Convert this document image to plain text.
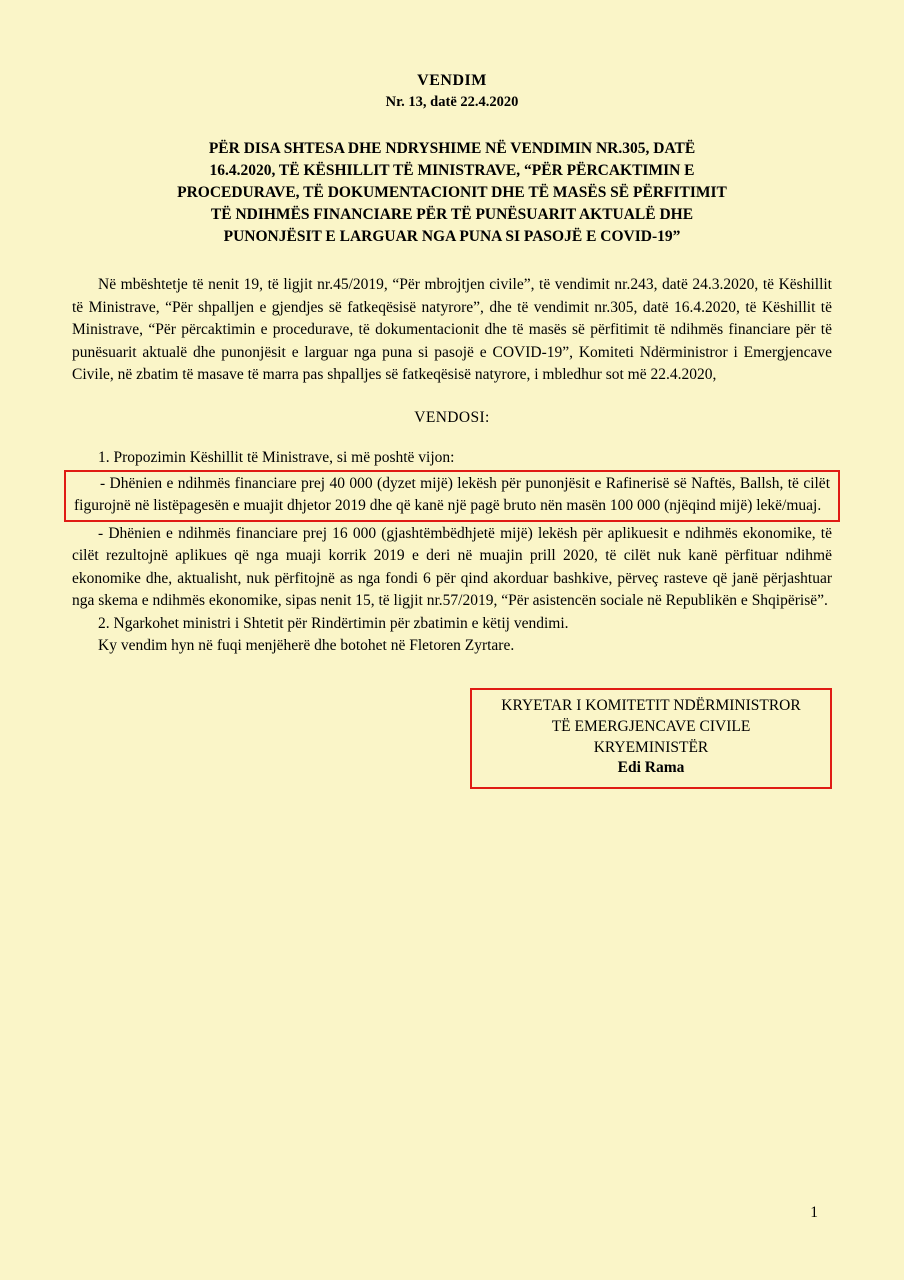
VENDIM
Nr. 13, datë 22.4.2020
PËR DISA SHTESA DHE NDRYSHIME NË VENDIMIN NR.305, DATË
16.4.2020, TË KËSHILLIT TË MINISTRAVE, “PËR PËRCAKTIMIN E
PROCEDURAVE, TË DOKUMENTACIONIT DHE TË MASËS SË PËRFITIMIT
TË NDIHMËS FINANCIARE PËR TË PUNËSUARIT AKTUALË DHE
PUNONJËSIT E LARGUAR NGA PUNA SI PASOJË E COVID-19”

Në mbështetje të nenit 19, të ligjit nr.45/2019, “Për mbrojtjen civile”, të vendimit nr.243, datë 24.3.2020, të Këshillit të Ministrave, “Për shpalljen e gjendjes së fatkeqësisë natyrore”, dhe të vendimit nr.305, datë 16.4.2020, të Këshillit të Ministrave, “Për përcaktimin e procedurave, të dokumentacionit dhe të masës së përfitimit të ndihmës financiare për të punësuarit aktualë dhe punonjësit e larguar nga puna si pasojë e COVID-19”, Komiteti Ndërministror i Emergjencave Civile, në zbatim të masave të marra pas shpalljes së fatkeqësisë natyrore, i mbledhur sot më 22.4.2020,

VENDOSI:

1. Propozimin Këshillit të Ministrave, si më poshtë vijon:

- Dhënien e ndihmës financiare prej 40 000 (dyzet mijë) lekësh për punonjësit e Rafinerisë së Naftës, Ballsh, të cilët figurojnë në listëpagesën e muajit dhjetor 2019 dhe që kanë një pagë bruto nën masën 100 000 (njëqind mijë) lekë/muaj.

- Dhënien e ndihmës financiare prej 16 000 (gjashtëmbëdhjetë mijë) lekësh për aplikuesit e ndihmës ekonomike, të cilët rezultojnë aplikues që nga muaji korrik 2019 e deri në muajin prill 2020, të cilët nuk kanë përfituar ndihmë ekonomike dhe, aktualisht, nuk përfitojnë as nga fondi 6 për qind akorduar bashkive, përveç rasteve që janë përjashtuar nga skema e ndihmës ekonomike, sipas nenit 15, të ligjit nr.57/2019, “Për asistencën sociale në Republikën e Shqipërisë”.

2. Ngarkohet ministri i Shtetit për Rindërtimin për zbatimin e këtij vendimi.

Ky vendim hyn në fuqi menjëherë dhe botohet në Fletoren Zyrtare.

KRYETAR I KOMITETIT NDËRMINISTROR
TË EMERGJENCAVE CIVILE
KRYEMINISTËR
Edi Rama
1
